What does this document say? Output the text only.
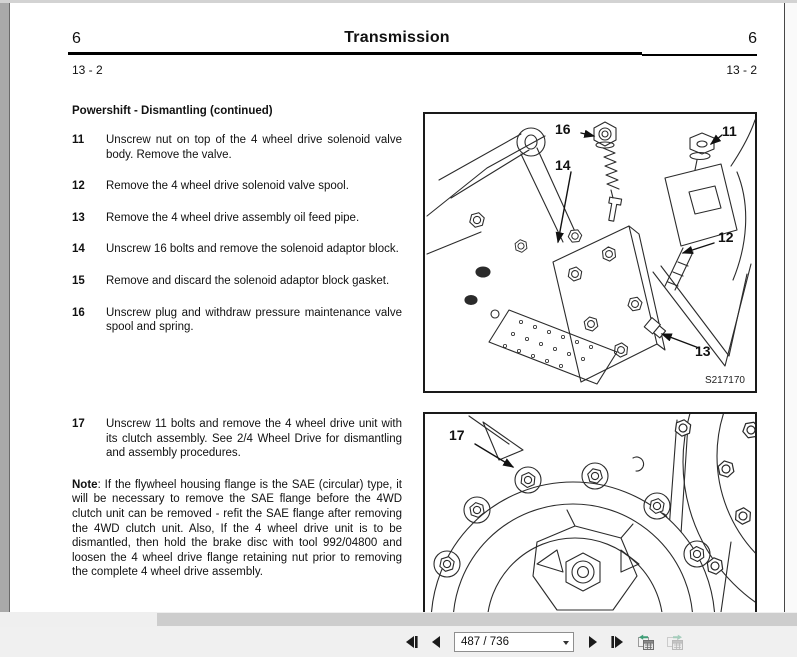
6	Transmission	6
13 - 2	13 - 2
Powershift - Dismantling (continued)
11	Unscrew nut on top of the 4 wheel drive solenoid valve body. Remove the valve.
12	Remove the 4 wheel drive solenoid valve spool.
13	Remove the 4 wheel drive assembly oil feed pipe.
14	Unscrew 16 bolts and remove the solenoid adaptor block.
15	Remove and discard the solenoid adaptor block gasket.
16	Unscrew plug and withdraw pressure maintenance valve spool and spring.
17	Unscrew 11 bolts and remove the 4 wheel drive unit with its clutch assembly. See 2/4 Wheel Drive for dismantling and assembly procedures.

Note: If the flywheel housing flange is the SAE (circular) type, it will be necessary to remove the SAE flange before the 4WD clutch unit can be removed - refit the SAE flange after removing the 4WD clutch unit. Also, If the 4 wheel drive unit is to be dismantled, then hold the brake disc with tool 992/04800 and loosen the 4 wheel drive flange retaining nut prior to removing the complete 4 wheel drive assembly.

16
14
11
12
13
S217170
17
487 / 736
